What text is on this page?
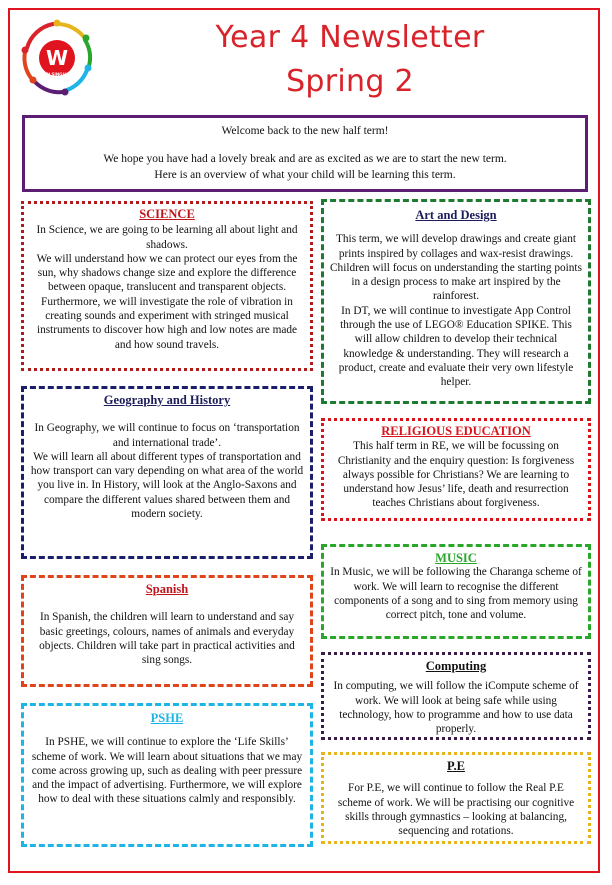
W
WOLSINGHAM
Year 4 Newsletter
Spring 2

Welcome back to the new half term!

We hope you have had a lovely break and are as excited as we are to start the new term.

Here is an overview of what your child will be learning this term.

SCIENCE

In Science, we are going to be learning all about light and shadows.
We will understand how we can protect our eyes from the sun, why shadows change size and explore the difference between opaque, translucent and transparent objects. Furthermore, we will investigate the role of vibration in creating sounds and experiment with stringed musical instruments to discover how high and low notes are made and how sound travels.

Art and Design

This term, we will develop drawings and create giant prints inspired by collages and wax-resist drawings. Children will focus on understanding the starting points in a design process to make art inspired by the rainforest.
In DT, we will continue to investigate App Control through the use of LEGO® Education SPIKE. This will allow children to develop their technical knowledge & understanding. They will research a product, create and evaluate their very own lifestyle helper.

Geography and History

In Geography, we will continue to focus on ‘transportation and international trade’.
We will learn all about different types of transportation and how transport can vary depending on what area of the world you live in. In History, will look at the Anglo-Saxons and compare the different values shared between them and modern society.

RELIGIOUS EDUCATION

This half term in RE, we will be focussing on Christianity and the enquiry question: Is forgiveness always possible for Christians? We are learning to understand how Jesus’ life, death and resurrection teaches Christians about forgiveness.

Spanish

In Spanish, the children will learn to understand and say basic greetings, colours, names of animals and everyday objects. Children will take part in practical activities and sing songs.

MUSIC

In Music, we will be following the Charanga scheme of work. We will learn to recognise the different components of a song and to sing from memory using correct pitch, tone and volume.

Computing

In computing, we will follow the iCompute scheme of work. We will look at being safe while using technology, how to programme and how to use data properly.

PSHE

In PSHE, we will continue to explore the ‘Life Skills’ scheme of work. We will learn about situations that we may come across growing up, such as dealing with peer pressure and the impact of advertising. Furthermore, we will explore how to deal with these situations calmly and responsibly.

P.E

For P.E, we will continue to follow the Real P.E scheme of work. We will be practising our cognitive skills through gymnastics – looking at balancing, sequencing and rotations.
